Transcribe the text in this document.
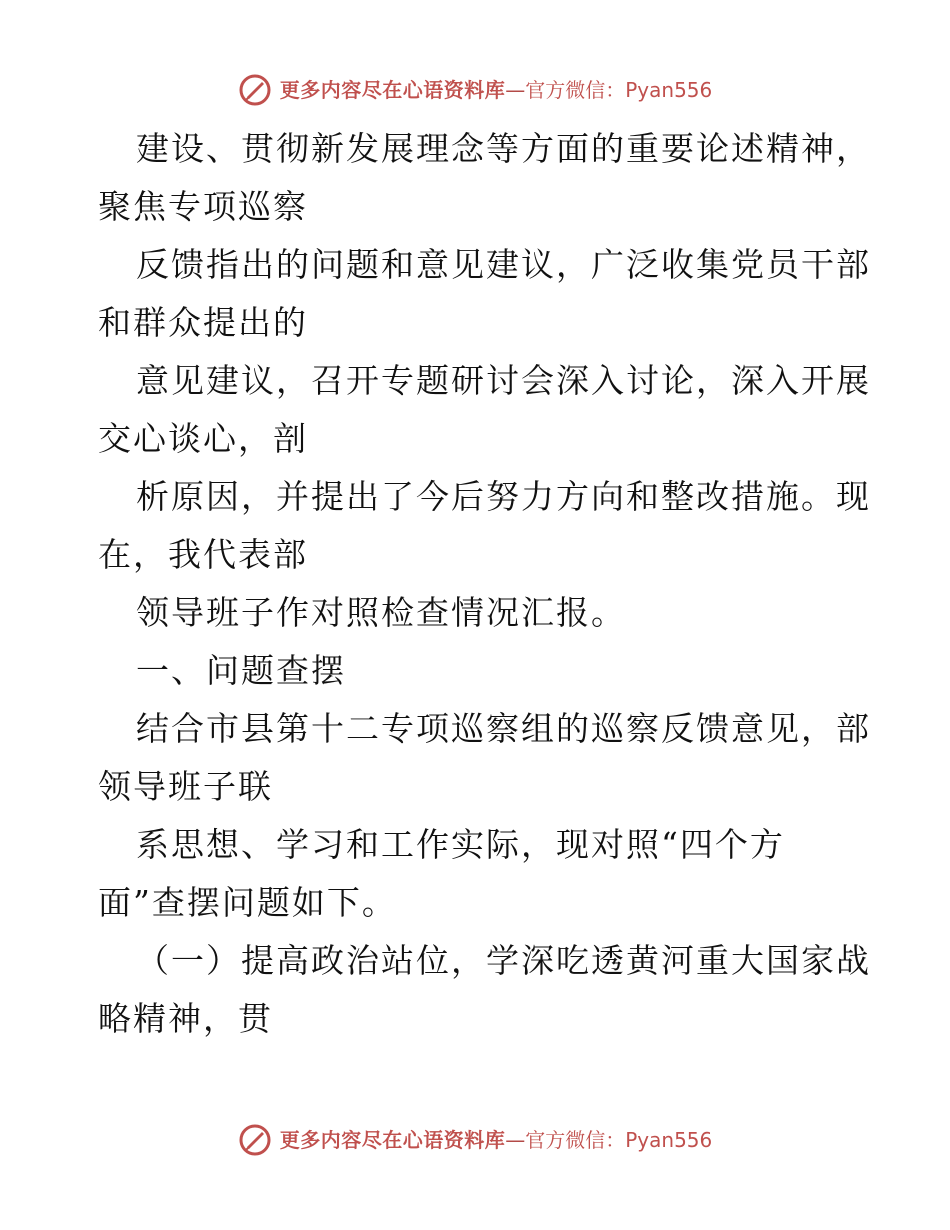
更多内容尽在心语资料库—官方微信：Pyan556
建设、贯彻新发展理念等方面的重要论述精神，
聚焦专项巡察
反馈指出的问题和意见建议，广泛收集党员干部
和群众提出的
意见建议，召开专题研讨会深入讨论，深入开展
交心谈心，剖
析原因，并提出了今后努力方向和整改措施。现
在，我代表部
领导班子作对照检查情况汇报。
一、问题查摆
结合市县第十二专项巡察组的巡察反馈意见，部
领导班子联
系思想、学习和工作实际，现对照“四个方
面”查摆问题如下。
（一）提高政治站位，学深吃透黄河重大国家战
略精神，贯
更多内容尽在心语资料库—官方微信：Pyan556
